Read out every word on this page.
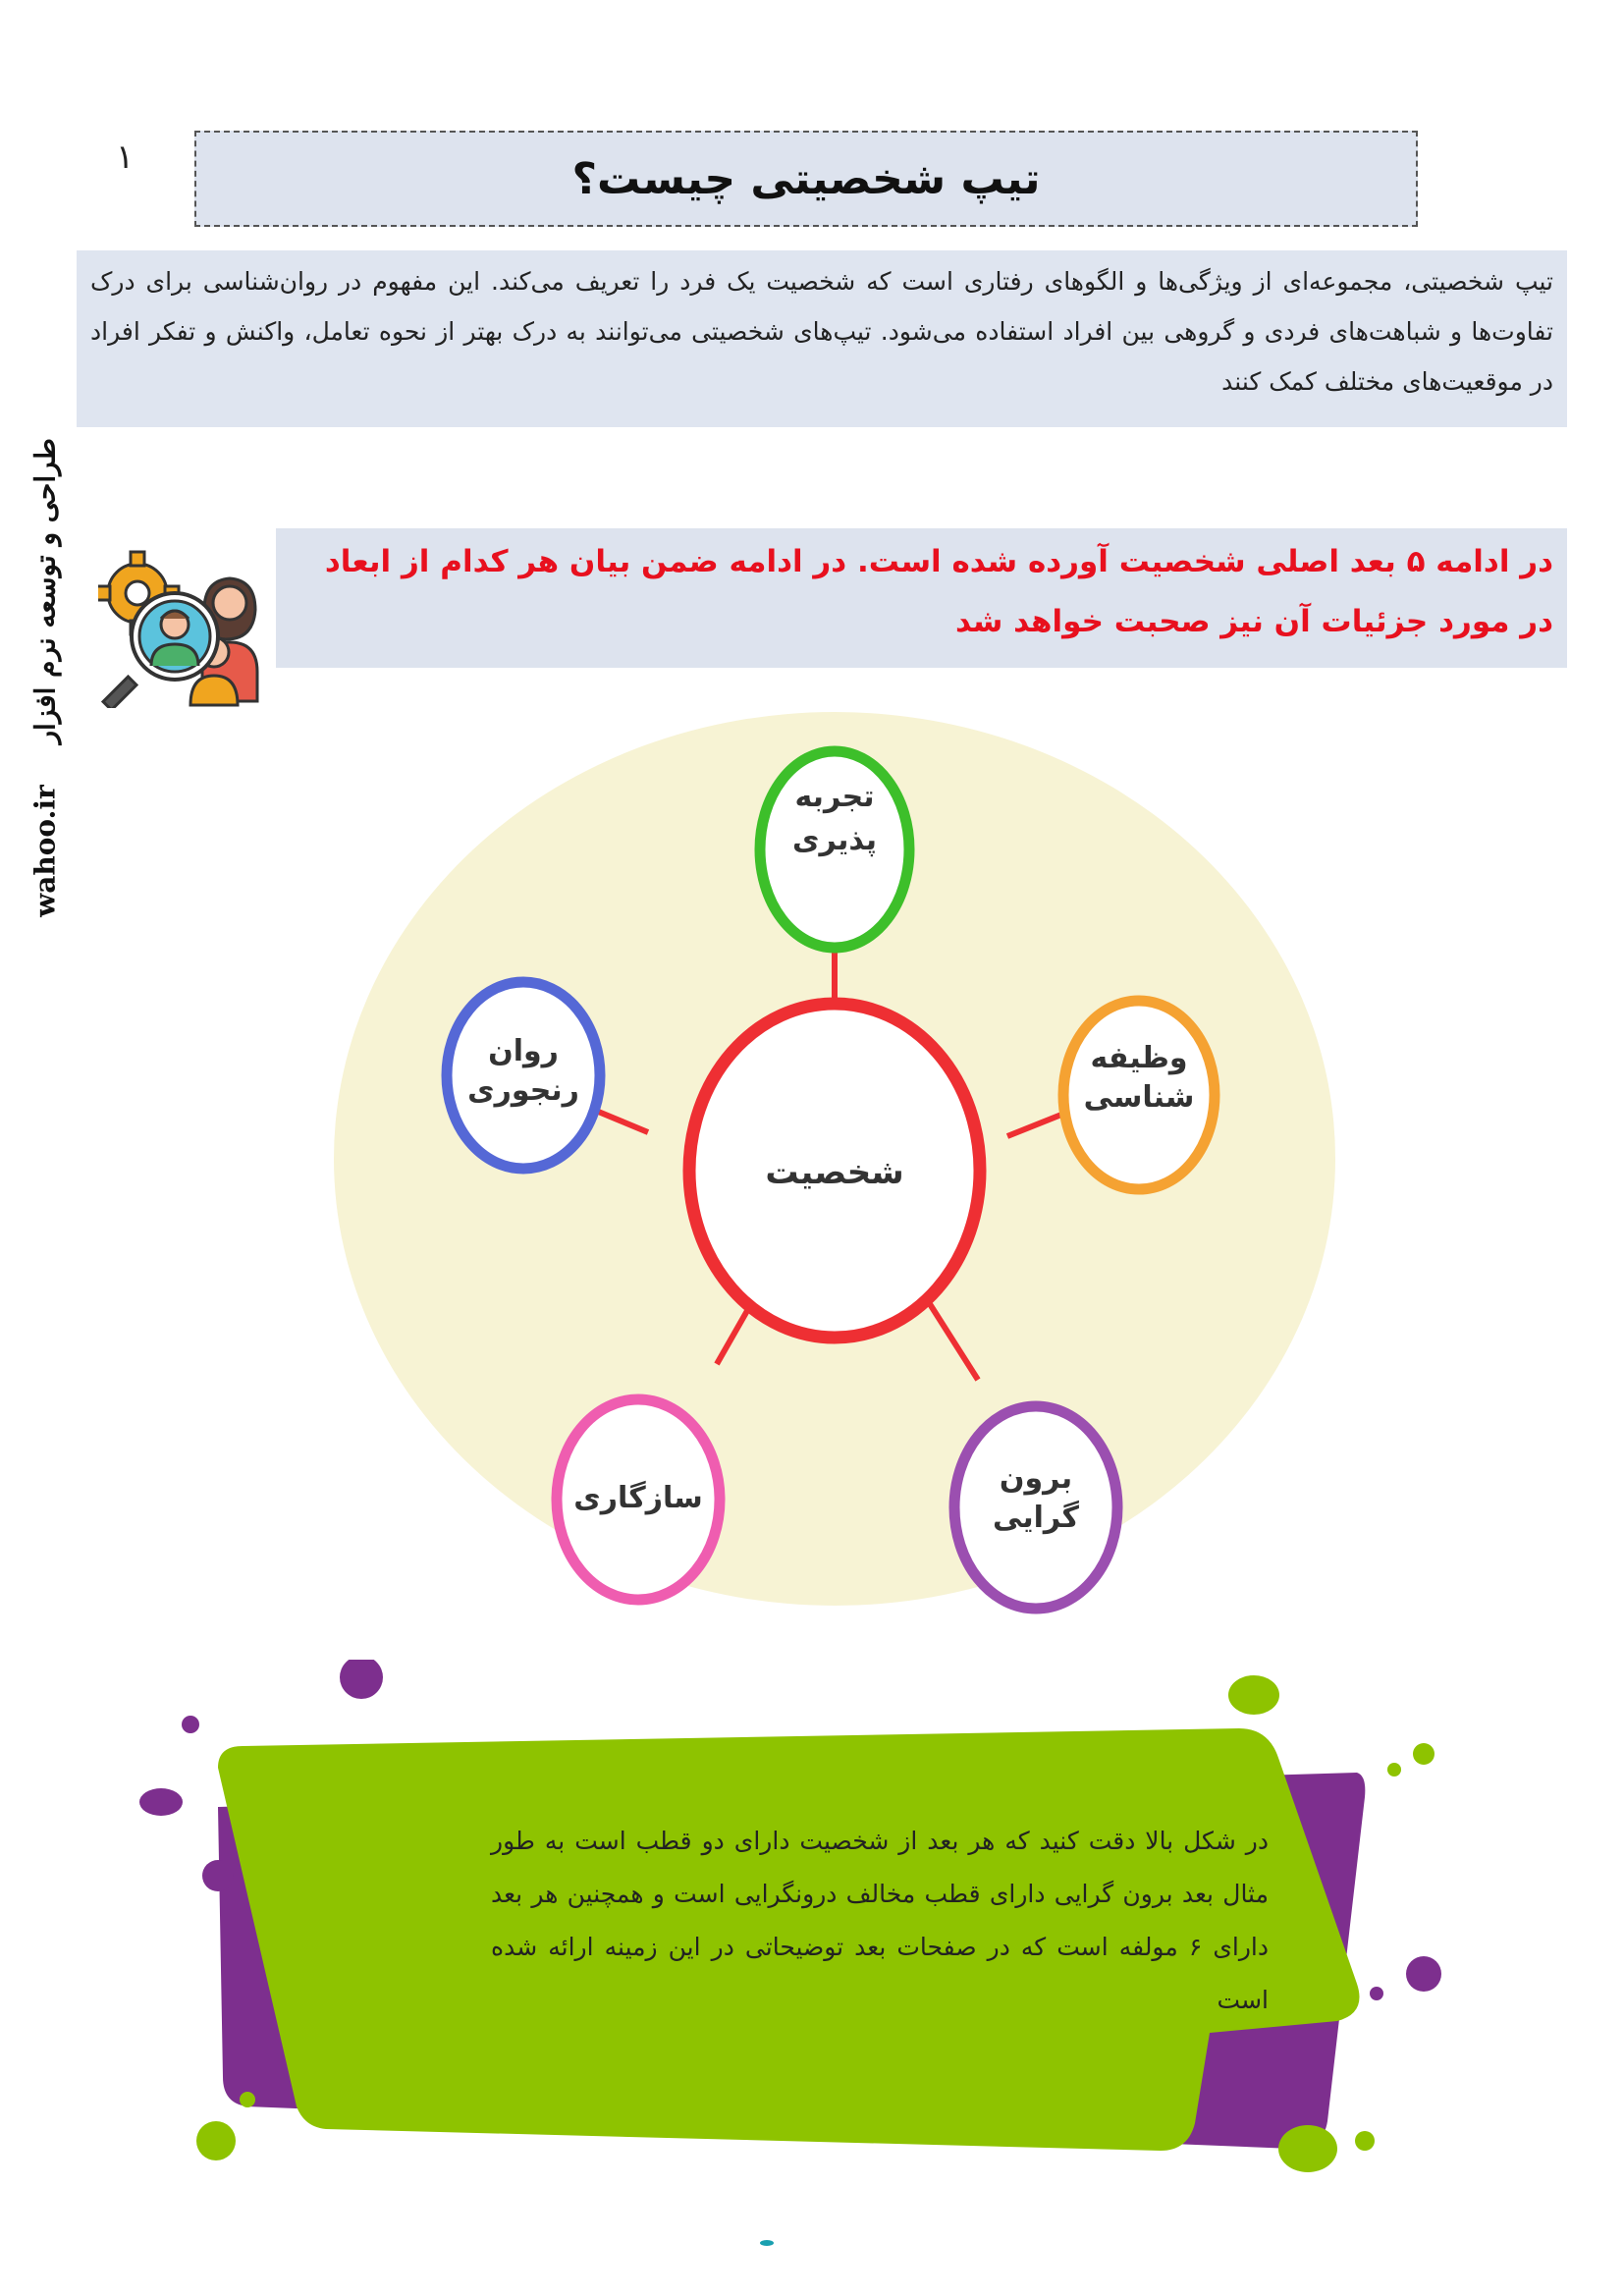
۱	تیپ شخصیتی چیست؟
طراحی و توسعه نرم افزار wahoo.ir
تیپ شخصیتی، مجموعه‌ای از ویژگی‌ها و الگوهای رفتاری است که شخصیت یک فرد را تعریف می‌کند. این مفهوم در روان‌شناسی برای درک تفاوت‌ها و شباهت‌های فردی و گروهی بین افراد استفاده می‌شود. تیپ‌های شخصیتی می‌توانند به درک بهتر از نحوه تعامل، واکنش و تفکر افراد در موقعیت‌های مختلف کمک کنند
در ادامه ۵ بعد اصلی شخصیت آورده شده است. در ادامه ضمن بیان هر کدام از ابعاد در مورد جزئیات آن نیز صحبت خواهد شد
تجربه
پذیری
وظیفه
شناسی
برون
گرایی
سازگاری
روان
رنجوری
شخصیت
در شکل بالا دقت کنید که هر بعد از شخصیت دارای دو قطب است به طور مثال بعد برون گرایی دارای قطب مخالف درونگرایی است و همچنین هر بعد دارای ۶ مولفه است که در صفحات بعد توضیحاتی در این زمینه ارائه شده است
